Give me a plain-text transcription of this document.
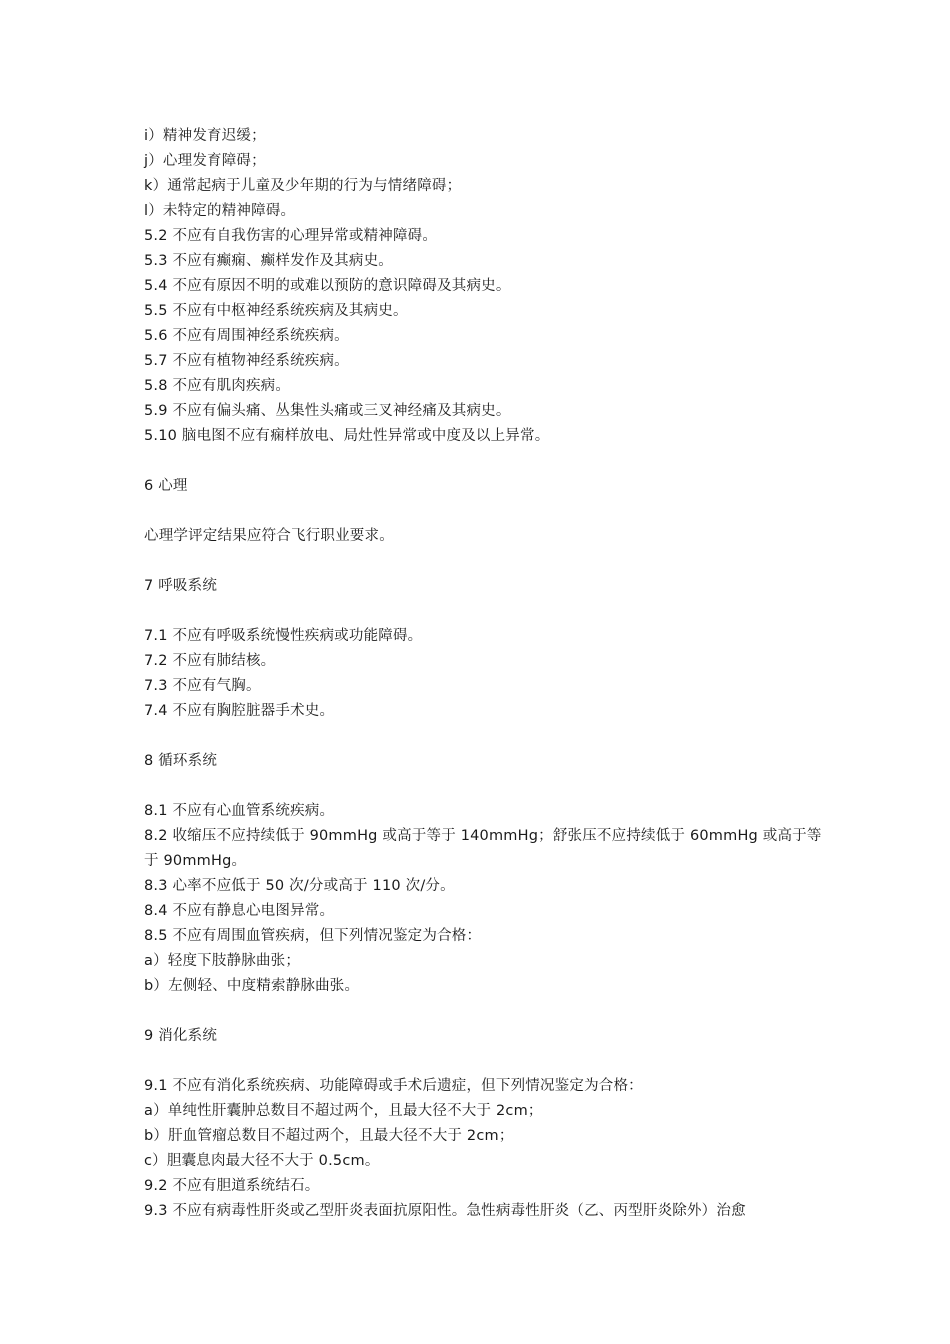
i）精神发育迟缓；

j）心理发育障碍；

k）通常起病于儿童及少年期的行为与情绪障碍；

l）未特定的精神障碍。

5.2 不应有自我伤害的心理异常或精神障碍。

5.3 不应有癫痫、癫样发作及其病史。

5.4 不应有原因不明的或难以预防的意识障碍及其病史。

5.5 不应有中枢神经系统疾病及其病史。

5.6 不应有周围神经系统疾病。

5.7 不应有植物神经系统疾病。

5.8 不应有肌肉疾病。

5.9 不应有偏头痛、丛集性头痛或三叉神经痛及其病史。

5.10 脑电图不应有痫样放电、局灶性异常或中度及以上异常。

6 心理

心理学评定结果应符合飞行职业要求。

7 呼吸系统

7.1 不应有呼吸系统慢性疾病或功能障碍。

7.2 不应有肺结核。

7.3 不应有气胸。

7.4 不应有胸腔脏器手术史。

8 循环系统

8.1 不应有心血管系统疾病。

8.2 收缩压不应持续低于 90mmHg 或高于等于 140mmHg；舒张压不应持续低于 60mmHg 或高于等于 90mmHg。

8.3 心率不应低于 50 次/分或高于 110 次/分。

8.4 不应有静息心电图异常。

8.5 不应有周围血管疾病，但下列情况鉴定为合格：

a）轻度下肢静脉曲张；

b）左侧轻、中度精索静脉曲张。

9 消化系统

9.1 不应有消化系统疾病、功能障碍或手术后遗症，但下列情况鉴定为合格：

a）单纯性肝囊肿总数目不超过两个，且最大径不大于 2cm；

b）肝血管瘤总数目不超过两个，且最大径不大于 2cm；

c）胆囊息肉最大径不大于 0.5cm。

9.2 不应有胆道系统结石。

9.3 不应有病毒性肝炎或乙型肝炎表面抗原阳性。急性病毒性肝炎（乙、丙型肝炎除外）治愈
